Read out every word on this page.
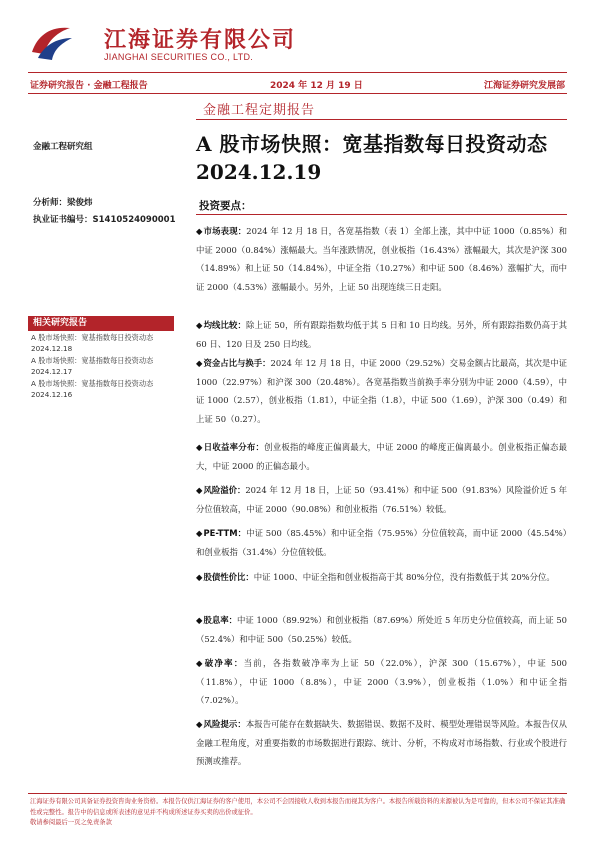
江海证券有限公司
JIANGHAI SECURITIES CO., LTD.
证券研究报告 · 金融工程报告	2024 年 12 月 19 日	江海证券研究发展部
金融工程定期报告
A 股市场快照：宽基指数每日投资动态
2024.12.19
金融工程研究组
分析师：梁俊炜
执业证书编号：S1410524090001
投资要点：
相关研究报告
A 股市场快照：宽基指数每日投资动态 2024.12.18
A 股市场快照：宽基指数每日投资动态 2024.12.17
A 股市场快照：宽基指数每日投资动态 2024.12.16
◆ 市场表现：2024 年 12 月 18 日，各宽基指数（表 1）全部上涨，其中中证 1000（0.85%）和中证 2000（0.84%）涨幅最大。当年涨跌情况，创业板指（16.43%）涨幅最大，其次是沪深 300（14.89%）和上证 50（14.84%），中证全指（10.27%）和中证 500（8.46%）涨幅扩大，而中证 2000（4.53%）涨幅最小。另外，上证 50 出现连续三日走阳。
◆ 均线比较：除上证 50，所有跟踪指数均低于其 5 日和 10 日均线。另外，所有跟踪指数仍高于其 60 日、120 日及 250 日均线。
◆ 资金占比与换手：2024 年 12 月 18 日，中证 2000（29.52%）交易金额占比最高，其次是中证 1000（22.97%）和沪深 300（20.48%）。各宽基指数当前换手率分别为中证 2000（4.59），中证 1000（2.57），创业板指（1.81），中证全指（1.8），中证 500（1.69），沪深 300（0.49）和上证 50（0.27）。
◆ 日收益率分布：创业板指的峰度正偏离最大，中证 2000 的峰度正偏离最小。创业板指正偏态最大，中证 2000 的正偏态最小。
◆ 风险溢价：2024 年 12 月 18 日，上证 50（93.41%）和中证 500（91.83%）风险溢价近 5 年分位值较高，中证 2000（90.08%）和创业板指（76.51%）较低。
◆ PE-TTM：中证 500（85.45%）和中证全指（75.95%）分位值较高，而中证 2000（45.54%）和创业板指（31.4%）分位值较低。
◆ 股债性价比：中证 1000、中证全指和创业板指高于其 80%分位，没有指数低于其 20%分位。
◆ 股息率：中证 1000（89.92%）和创业板指（87.69%）所处近 5 年历史分位值较高，而上证 50（52.4%）和中证 500（50.25%）较低。
◆ 破净率：当前，各指数破净率为上证 50（22.0%），沪深 300（15.67%），中证 500（11.8%），中证 1000（8.8%），中证 2000（3.9%），创业板指（1.0%）和中证全指（7.02%）。
◆ 风险提示：本报告可能存在数据缺失、数据错误、数据不及时、模型处理错误等风险。本报告仅从金融工程角度，对重要指数的市场数据进行跟踪、统计、分析，不构成对市场指数、行业或个股进行预测或推荐。
江海证券有限公司具备证券投资咨询业务资格。本报告仅供江海证券的客户使用，本公司不会因接收人收到本报告而视其为客户。本报告所载资料的来源被认为是可靠的，但本公司不保证其准确性或完整性。报告中的信息或所表述的意见并不构成所述证券买卖的出价或征价。
敬请参阅最后一页之免责条款
